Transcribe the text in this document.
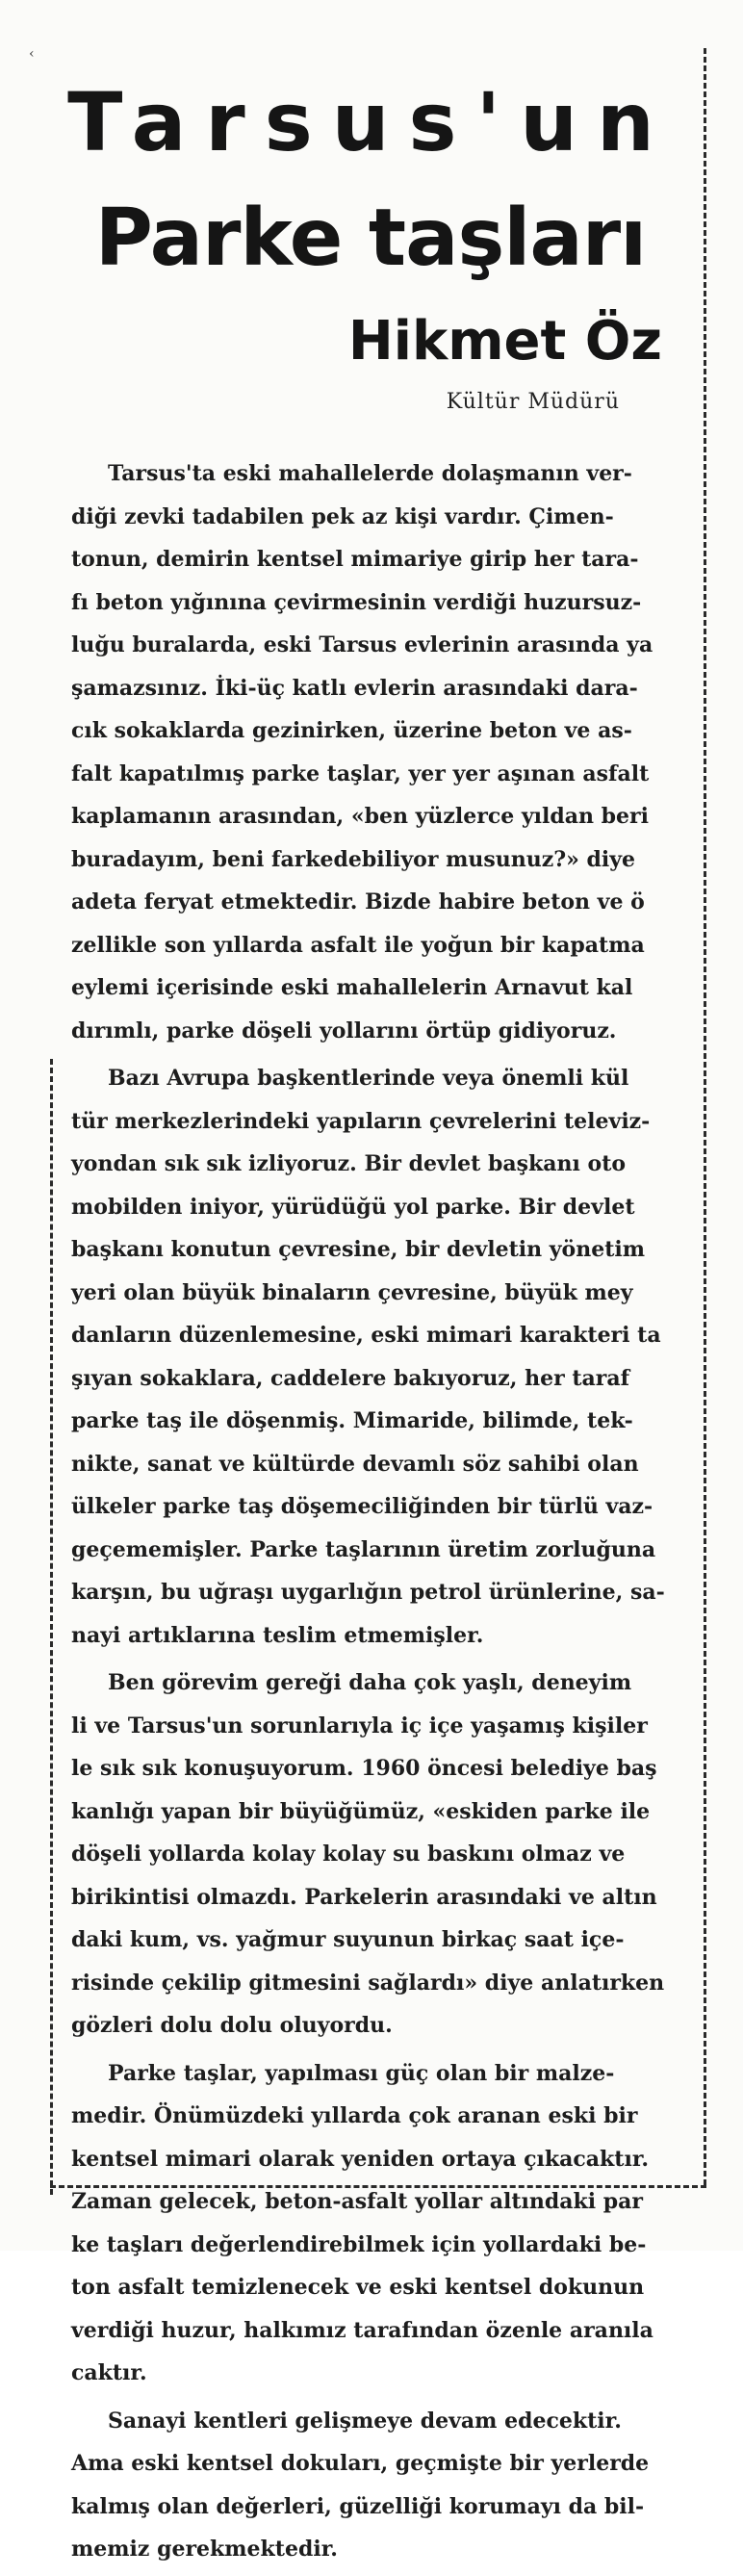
‹
Tarsus'un
Parke taşları
Hikmet Öz
Kültür Müdürü
Tarsus'ta eski mahallelerde dolaşmanın ver-
diği zevki tadabilen pek az kişi vardır. Çimen-
tonun, demirin kentsel mimariye girip her tara-
fı beton yığınına çevirmesinin verdiği huzursuz-
luğu buralarda, eski Tarsus evlerinin arasında ya
şamazsınız. İki-üç katlı evlerin arasındaki dara-
cık sokaklarda gezinirken, üzerine beton ve as-
falt kapatılmış parke taşlar, yer yer aşınan asfalt
kaplamanın arasından, «ben yüzlerce yıldan beri
buradayım, beni farkedebiliyor musunuz?» diye
adeta feryat etmektedir. Bizde habire beton ve ö
zellikle son yıllarda asfalt ile yoğun bir kapatma
eylemi içerisinde eski mahallelerin Arnavut kal
dırımlı, parke döşeli yollarını örtüp gidiyoruz.
Bazı Avrupa başkentlerinde veya önemli kül
tür merkezlerindeki yapıların çevrelerini televiz-
yondan sık sık izliyoruz. Bir devlet başkanı oto
mobilden iniyor, yürüdüğü yol parke. Bir devlet
başkanı konutun çevresine, bir devletin yönetim
yeri olan büyük binaların çevresine, büyük mey
danların düzenlemesine, eski mimari karakteri ta
şıyan sokaklara, caddelere bakıyoruz, her taraf
parke taş ile döşenmiş. Mimaride, bilimde, tek-
nikte, sanat ve kültürde devamlı söz sahibi olan
ülkeler parke taş döşemeciliğinden bir türlü vaz-
geçememişler. Parke taşlarının üretim zorluğuna
karşın, bu uğraşı uygarlığın petrol ürünlerine, sa-
nayi artıklarına teslim etmemişler.
Ben görevim gereği daha çok yaşlı, deneyim
li ve Tarsus'un sorunlarıyla iç içe yaşamış kişiler
le sık sık konuşuyorum. 1960 öncesi belediye baş
kanlığı yapan bir büyüğümüz, «eskiden parke ile
döşeli yollarda kolay kolay su baskını olmaz ve
birikintisi olmazdı. Parkelerin arasındaki ve altın
daki kum, vs. yağmur suyunun birkaç saat içe-
risinde çekilip gitmesini sağlardı» diye anlatırken
gözleri dolu dolu oluyordu.
Parke taşlar, yapılması güç olan bir malze-
medir. Önümüzdeki yıllarda çok aranan eski bir
kentsel mimari olarak yeniden ortaya çıkacaktır.
Zaman gelecek, beton-asfalt yollar altındaki par
ke taşları değerlendirebilmek için yollardaki be-
ton asfalt temizlenecek ve eski kentsel dokunun
verdiği huzur, halkımız tarafından özenle aranıla
caktır.
Sanayi kentleri gelişmeye devam edecektir.
Ama eski kentsel dokuları, geçmişte bir yerlerde
kalmış olan değerleri, güzelliği korumayı da bil-
memiz gerekmektedir.
